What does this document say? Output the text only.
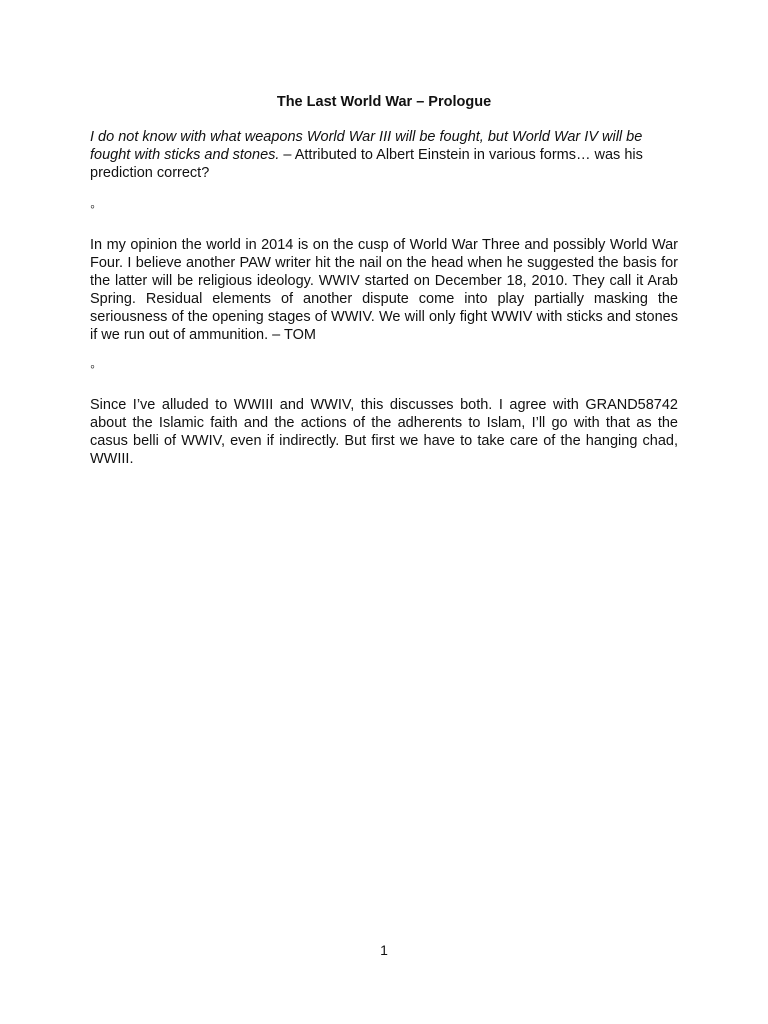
The Last World War – Prologue

I do not know with what weapons World War III will be fought, but World War IV will be fought with sticks and stones. – Attributed to Albert Einstein in various forms… was his prediction correct?

◦

In my opinion the world in 2014 is on the cusp of World War Three and possibly World War Four. I believe another PAW writer hit the nail on the head when he suggested the basis for the latter will be religious ideology. WWIV started on December 18, 2010. They call it Arab Spring. Residual elements of another dispute come into play partially masking the seriousness of the opening stages of WWIV. We will only fight WWIV with sticks and stones if we run out of ammunition. – TOM

◦

Since I’ve alluded to WWIII and WWIV, this discusses both. I agree with GRAND58742 about the Islamic faith and the actions of the adherents to Islam, I’ll go with that as the casus belli of WWIV, even if indirectly. But first we have to take care of the hanging chad, WWIII.

1
